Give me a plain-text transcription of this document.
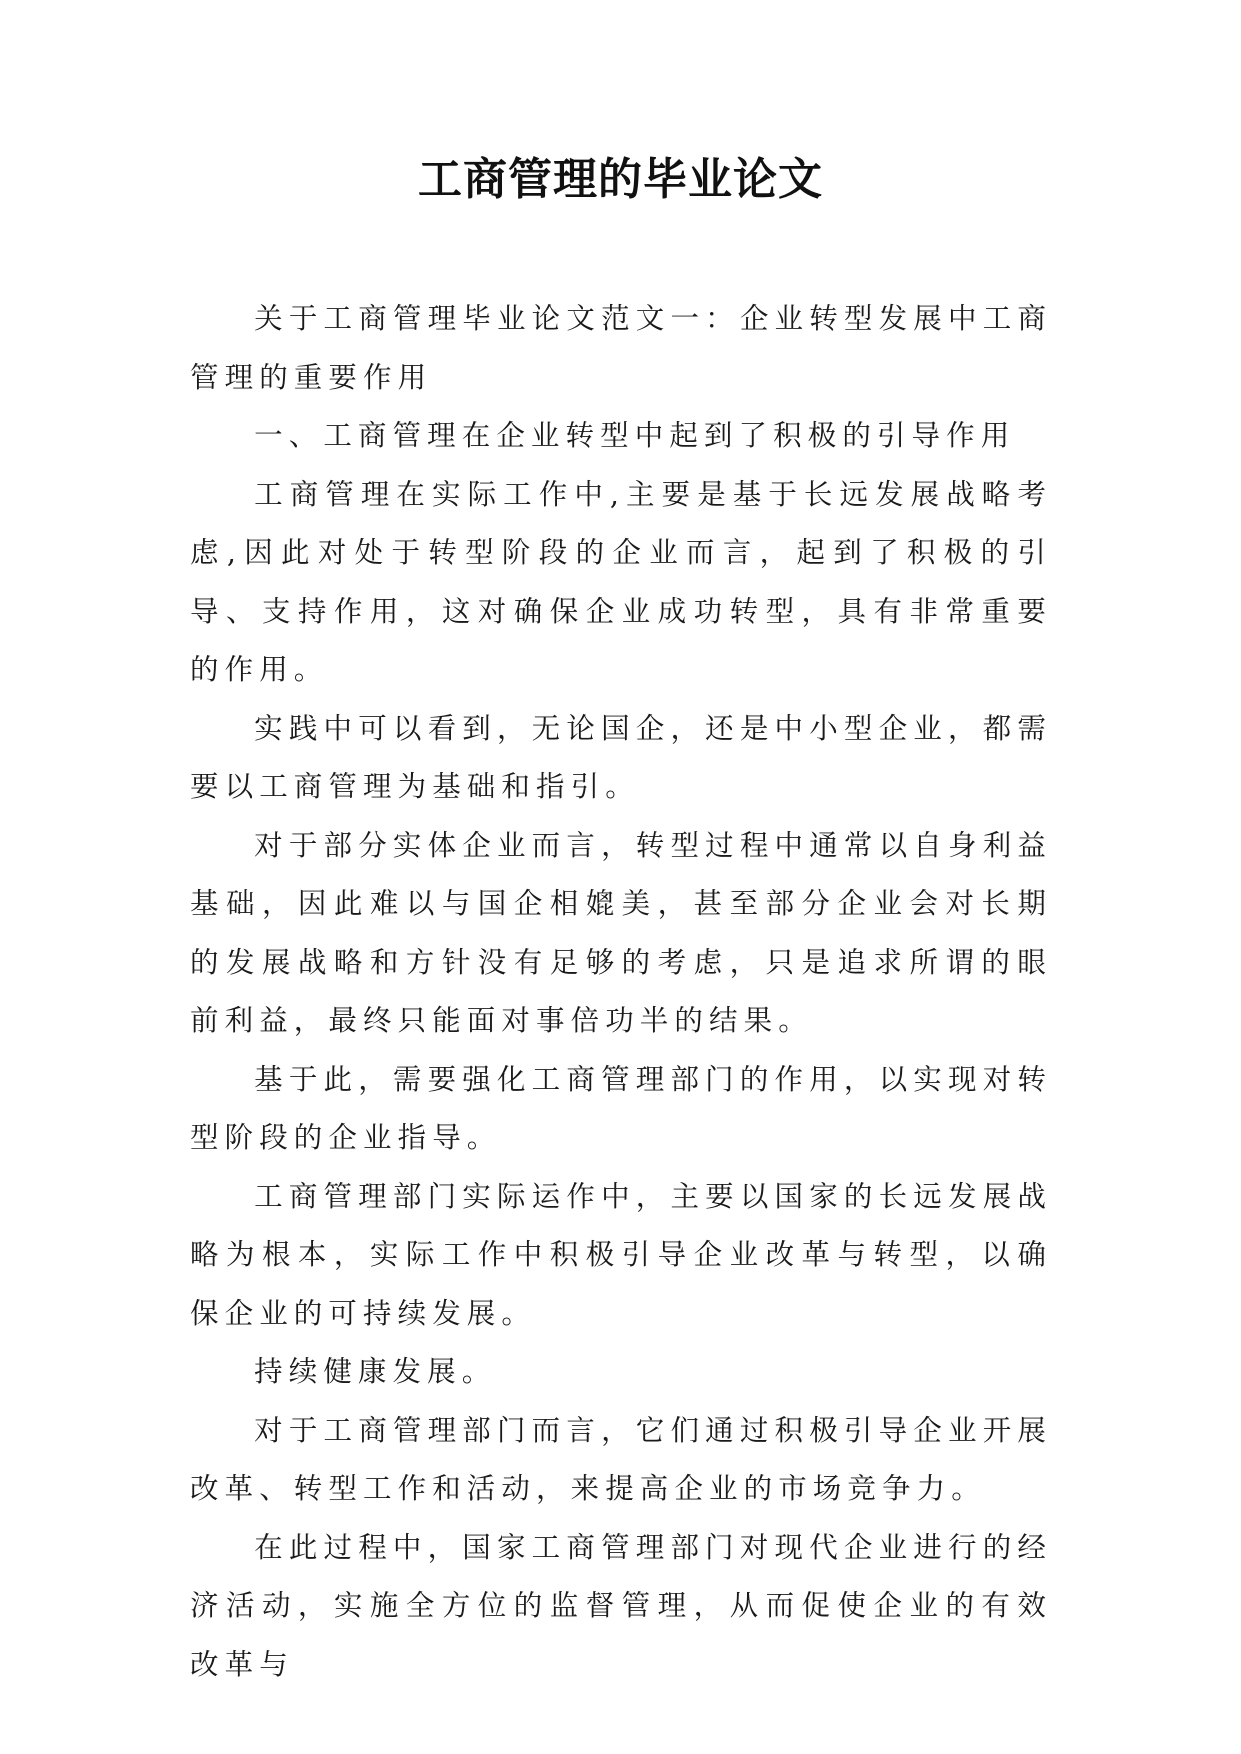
工商管理的毕业论文

关于工商管理毕业论文范文一：企业转型发展中工商管理的重要作用

一、工商管理在企业转型中起到了积极的引导作用

工商管理在实际工作中,主要是基于长远发展战略考虑,因此对处于转型阶段的企业而言，起到了积极的引导、支持作用，这对确保企业成功转型，具有非常重要的作用。

实践中可以看到，无论国企，还是中小型企业，都需要以工商管理为基础和指引。

对于部分实体企业而言，转型过程中通常以自身利益基础，因此难以与国企相媲美，甚至部分企业会对长期的发展战略和方针没有足够的考虑，只是追求所谓的眼前利益，最终只能面对事倍功半的结果。

基于此，需要强化工商管理部门的作用，以实现对转型阶段的企业指导。

工商管理部门实际运作中，主要以国家的长远发展战略为根本，实际工作中积极引导企业改革与转型，以确保企业的可持续发展。

持续健康发展。

对于工商管理部门而言，它们通过积极引导企业开展改革、转型工作和活动，来提高企业的市场竞争力。

在此过程中，国家工商管理部门对现代企业进行的经济活动，实施全方位的监督管理，从而促使企业的有效改革与
